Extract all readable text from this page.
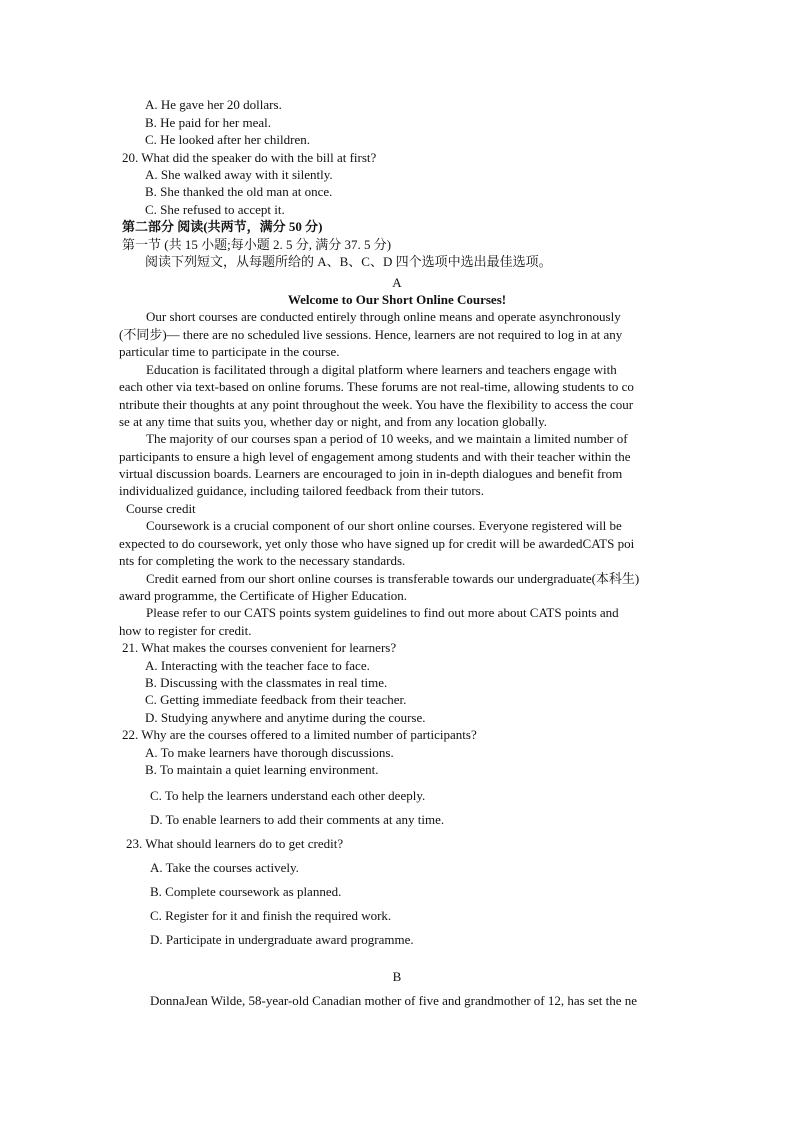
A. He gave her 20 dollars.
B. He paid for her meal.
C. He looked after her children.
20. What did the speaker do with the bill at first?
A. She walked away with it silently.
B. She thanked the old man at once.
C. She refused to accept it.
第二部分 阅读(共两节，满分 50 分)
第一节 (共 15 小题;每小题 2. 5 分, 满分 37. 5 分)
阅读下列短文，从每题所给的 A、B、C、D 四个选项中选出最佳选项。
A
Welcome to Our Short Online Courses!
Our short courses are conducted entirely through online means and operate asynchronously
(不同步)— there are no scheduled live sessions. Hence, learners are not required to log in at any
particular time to participate in the course.
Education is facilitated through a digital platform where learners and teachers engage with
each other via text-based on online forums. These forums are not real-time, allowing students to co
ntribute their thoughts at any point throughout the week. You have the flexibility to access the cour
se at any time that suits you, whether day or night, and from any location globally.
The majority of our courses span a period of 10 weeks, and we maintain a limited number of
participants to ensure a high level of engagement among students and with their teacher within the
virtual discussion boards. Learners are encouraged to join in in-depth dialogues and benefit from
individualized guidance, including tailored feedback from their tutors.
Course credit
Coursework is a crucial component of our short online courses. Everyone registered will be
expected to do coursework, yet only those who have signed up for credit will be awardedCATS poi
nts for completing the work to the necessary standards.
Credit earned from our short online courses is transferable towards our undergraduate(本科生)
award programme, the Certificate of Higher Education.
Please refer to our CATS points system guidelines to find out more about CATS points and
how to register for credit.
21. What makes the courses convenient for learners?
A. Interacting with the teacher face to face.
B. Discussing with the classmates in real time.
C. Getting immediate feedback from their teacher.
D. Studying anywhere and anytime during the course.
22. Why are the courses offered to a limited number of participants?
A. To make learners have thorough discussions.
B. To maintain a quiet learning environment.
C. To help the learners understand each other deeply.
D. To enable learners to add their comments at any time.
23. What should learners do to get credit?
A. Take the courses actively.
B. Complete coursework as planned.
C. Register for it and finish the required work.
D. Participate in undergraduate award programme.
B
DonnaJean Wilde, 58-year-old Canadian mother of five and grandmother of 12, has set the ne
